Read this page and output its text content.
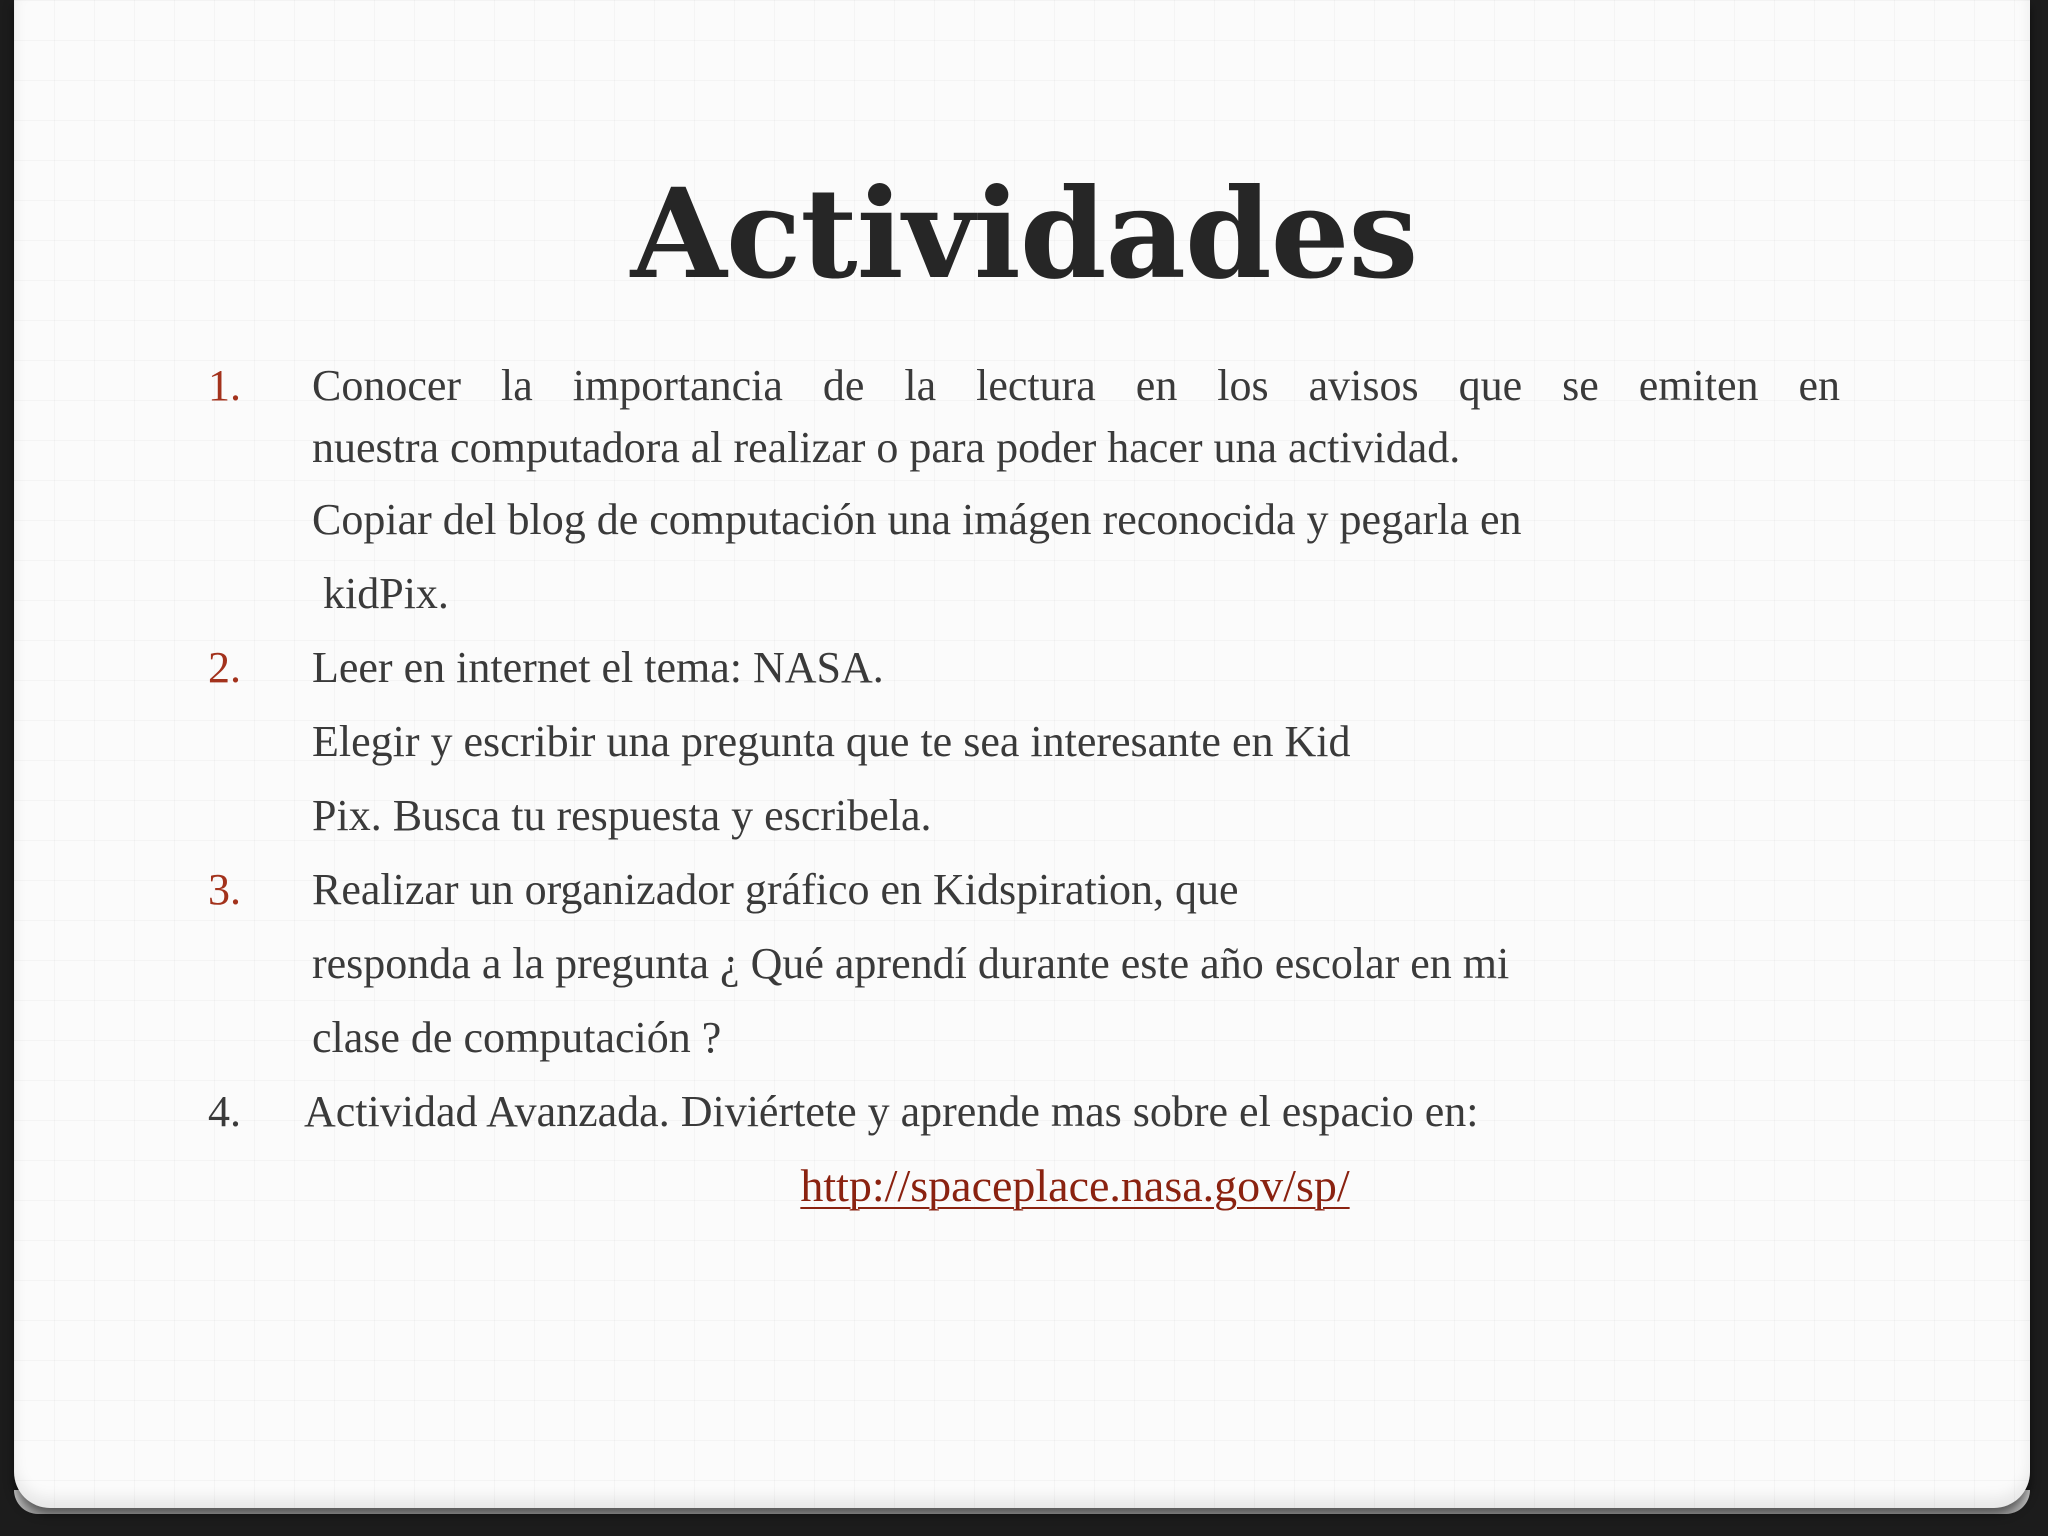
Actividades
1. Conocer la importancia de la lectura en los avisos que se emiten en
nuestra computadora al realizar o para poder hacer una actividad.
Copiar del blog de computación una imágen reconocida y pegarla en
kidPix.
2. Leer en internet el tema: NASA.
Elegir y escribir una pregunta que te sea interesante en Kid
Pix. Busca tu respuesta y escribela.
3. Realizar un organizador gráfico en Kidspiration, que
responda a la pregunta ¿ Qué aprendí durante este año escolar en mi
clase de computación ?
4. Actividad Avanzada. Diviértete y aprende mas sobre el espacio en:
http://spaceplace.nasa.gov/sp/
